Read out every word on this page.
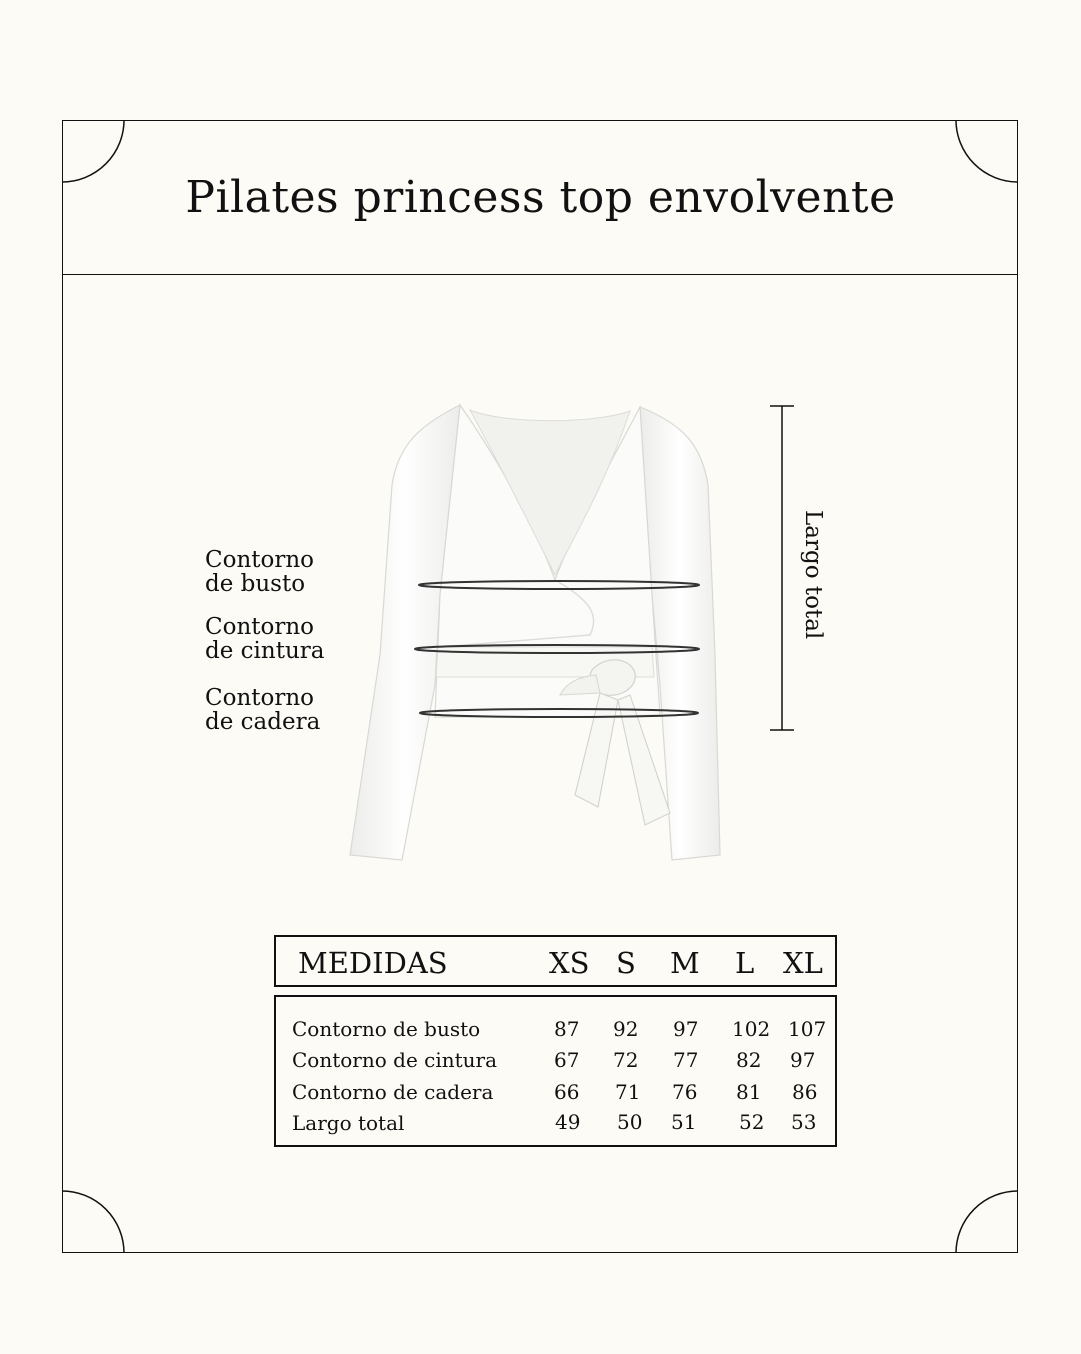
Pilates princess top envolvente
Contorno
de busto
Contorno
de cintura
Contorno
de cadera
Largo total
MEDIDAS	XS S M L XL
Contorno de busto	87 92 97 102 107
Contorno de cintura	67 72 77 82 97
Contorno de cadera	66 71 76 81 86
Largo total	49 50 51 52 53
